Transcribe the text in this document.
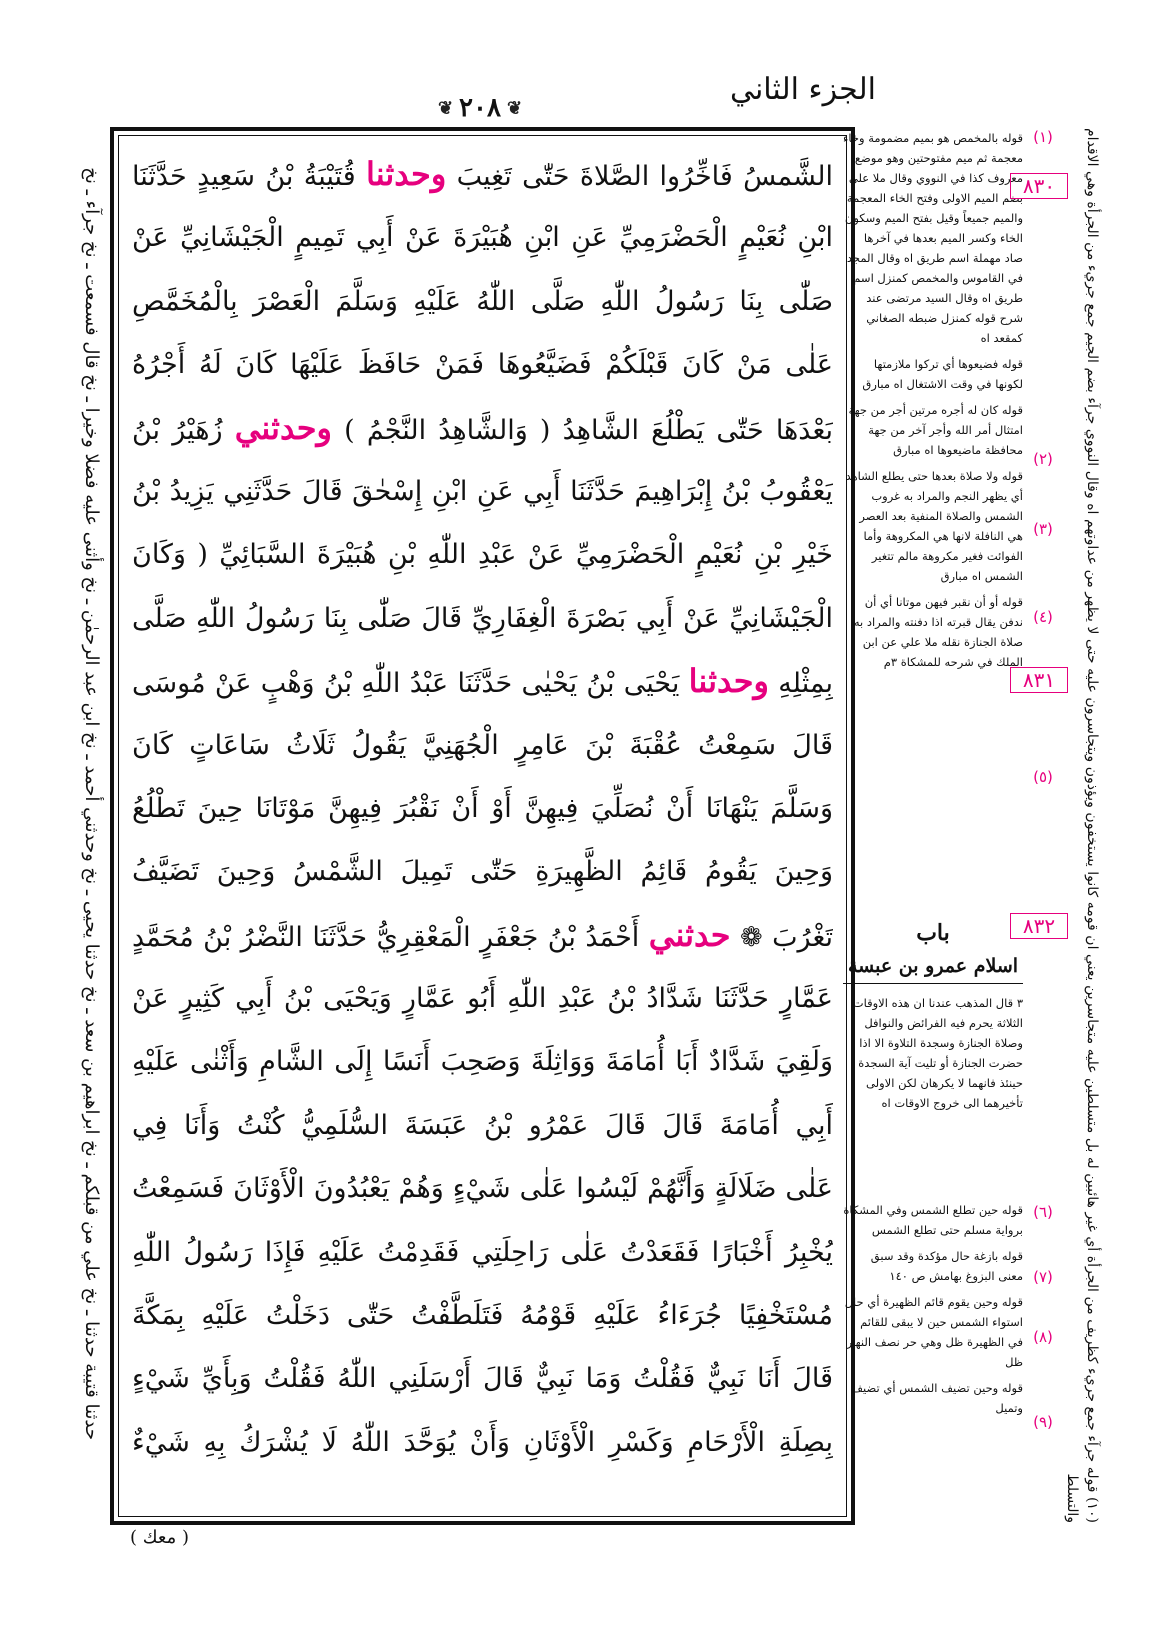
الجزء الثاني
❦ ٢٠٨ ❦
حدثنا قتيبة حدثنا ـ نخ علي من قبلكم ـ نخ ابراهيم بن سعد ـ نخ حدثنا يحيى ـ نخ وحدثني أحمد ـ نخ ابن عبد الرحمٰن ـ نخ وأثنى عليه فضلا وخيرا ـ نخ قال فسمعت ـ نخ جرآء ـ نخ	الشَّمسُ فَاخِّرُوا الصَّلاةَ حَتّٰى تَغِيبَ وحدثنا قُتَيْبَةُ بْنُ سَعِيدٍ حَدَّثَنَا
ابْنِ نُعَيْمٍ الْحَضْرَمِيِّ عَنِ ابْنِ هُبَيْرَةَ عَنْ أَبِي تَمِيمٍ الْجَيْشَانِيِّ عَنْ
صَلّٰى بِنَا رَسُولُ اللّٰهِ صَلَّى اللّٰهُ عَلَيْهِ وَسَلَّمَ الْعَصْرَ بِالْمُخَمَّصِ
عَلٰى مَنْ كَانَ قَبْلَكُمْ فَضَيَّعُوهَا فَمَنْ حَافَظَ عَلَيْهَا كَانَ لَهُ أَجْرُهُ
بَعْدَهَا حَتّٰى يَطْلُعَ الشَّاهِدُ ( وَالشَّاهِدُ النَّجْمُ ) وحدثني زُهَيْرُ بْنُ
يَعْقُوبُ بْنُ إِبْرَاهِيمَ حَدَّثَنَا أَبِي عَنِ ابْنِ إِسْحٰقَ قَالَ حَدَّثَنِي يَزِيدُ بْنُ
خَيْرِ بْنِ نُعَيْمٍ الْحَضْرَمِيِّ عَنْ عَبْدِ اللّٰهِ بْنِ هُبَيْرَةَ السَّبَائِيِّ ( وَكَانَ
الْجَيْشَانِيِّ عَنْ أَبِي بَصْرَةَ الْغِفَارِيِّ قَالَ صَلّٰى بِنَا رَسُولُ اللّٰهِ صَلَّى
بِمِثْلِهِ وحدثنا يَحْيَى بْنُ يَحْيٰى حَدَّثَنَا عَبْدُ اللّٰهِ بْنُ وَهْبٍ عَنْ مُوسَى
قَالَ سَمِعْتُ عُقْبَةَ بْنَ عَامِرٍ الْجُهَنِيَّ يَقُولُ ثَلَاثُ سَاعَاتٍ كَانَ
وَسَلَّمَ يَنْهَانَا أَنْ نُصَلِّيَ فِيهِنَّ أَوْ أَنْ نَقْبُرَ فِيهِنَّ مَوْتَانَا حِينَ تَطْلُعُ
وَحِينَ يَقُومُ قَائِمُ الظَّهِيرَةِ حَتّٰى تَمِيلَ الشَّمْسُ وَحِينَ تَضَيَّفُ
تَغْرُبَ ❁ حدثني أَحْمَدُ بْنُ جَعْفَرٍ الْمَعْقِرِيُّ حَدَّثَنَا النَّضْرُ بْنُ مُحَمَّدٍ
عَمَّارٍ حَدَّثَنَا شَدَّادُ بْنُ عَبْدِ اللّٰهِ أَبُو عَمَّارٍ وَيَحْيَى بْنُ أَبِي كَثِيرٍ عَنْ
وَلَقِيَ شَدَّادٌ أَبَا أُمَامَةَ وَوَاثِلَةَ وَصَحِبَ أَنَسًا إِلَى الشَّامِ وَأَثْنٰى عَلَيْهِ
أَبِي أُمَامَةَ قَالَ قَالَ عَمْرُو بْنُ عَبَسَةَ السُّلَمِيُّ كُنْتُ وَأَنَا فِي
عَلٰى ضَلَالَةٍ وَأَنَّهُمْ لَيْسُوا عَلٰى شَيْءٍ وَهُمْ يَعْبُدُونَ الْأَوْثَانَ فَسَمِعْتُ
يُخْبِرُ أَخْبَارًا فَقَعَدْتُ عَلٰى رَاحِلَتِي فَقَدِمْتُ عَلَيْهِ فَإِذَا رَسُولُ اللّٰهِ
مُسْتَخْفِيًا جُرَءَاءُ عَلَيْهِ قَوْمُهُ فَتَلَطَّفْتُ حَتّٰى دَخَلْتُ عَلَيْهِ بِمَكَّةَ
قَالَ أَنَا نَبِيٌّ فَقُلْتُ وَمَا نَبِيٌّ قَالَ أَرْسَلَنِي اللّٰهُ فَقُلْتُ وَبِأَيِّ شَيْءٍ
بِصِلَةِ الْأَرْحَامِ وَكَسْرِ الْأَوْثَانِ وَأَنْ يُوَحَّدَ اللّٰهُ لَا يُشْرَكُ بِهِ شَيْءٌ
( معك )
قوله بالمخمص هو بميم مضمومة وخاء معجمة ثم ميم مفتوحتين وهو موضع معروف كذا في النووي وقال ملا علي بضم الميم الاولى وفتح الخاء المعجمة والميم جميعاً وقيل بفتح الميم وسكون الخاء وكسر الميم بعدها في آخرها صاد مهملة اسم طريق اه وقال المجد في القاموس والمخمص كمنزل اسم طريق اه وقال السيد مرتضى عند شرح قوله كمنزل ضبطه الصغاني كمقعد اه
قوله فضيعوها أي تركوا ملازمتها لكونها في وقت الاشتغال اه مبارق
قوله كان له أجره مرتين أجر من جهة امتثال أمر الله وأجر آخر من جهة محافظة ماضيعوها اه مبارق
قوله ولا صلاة بعدها حتى يطلع الشاهد أي يظهر النجم والمراد به غروب الشمس والصلاة المنفية بعد العصر هي النافلة لانها هي المكروهة وأما الفوائت فغير مكروهة مالم تتغير الشمس اه مبارق
قوله أو أن نقبر فيهن موتانا أي أن ندفن يقال قبرته اذا دفنته والمراد به صلاة الجنازة نقله ملا علي عن ابن الملك في شرحه للمشكاة ٣م
(١)
(٢)
(٣)
(٤)
(٥)
(٦)
(٧)
(٨)
(٩)
٨٣٠
٨٣١
٨٣٢
باب
اسلام عمرو بن عبسة
٣ قال المذهب عندنا ان هذه الاوقات الثلاثة يحرم فيه الفرائض والنوافل وصلاة الجنازة وسجدة التلاوة الا اذا حضرت الجنازة أو تليت آية السجدة حينئذ فانهما لا يكرهان لكن الاولى تأخيرهما الى خروج الاوقات اه
قوله حين تطلع الشمس وفي المشكاة برواية مسلم حتى تطلع الشمس
قوله بازغة حال مؤكدة وقد سبق معنى البزوغ بهامش ص ١٤٠
قوله وحين يقوم قائم الظهيرة أي حال استواء الشمس حين لا يبقى للقائم في الظهيرة ظل وهي حر نصف النهار ظل
قوله وحين تضيف الشمس أي تضيف وتميل	(١٠) قوله جرآء جمع جريء كظريف من الجرأة أي غير هائبين له بل متسلطين عليه متجاسرين يعني ان قومه كانوا يستخفون ويؤذون ويتجاسرون عليه حتى لا يظهر من عداوتهم اه وقال النووي جرآء بضم الجيم جمع جريء من الجرأة وهي الاقدام والتسلط
